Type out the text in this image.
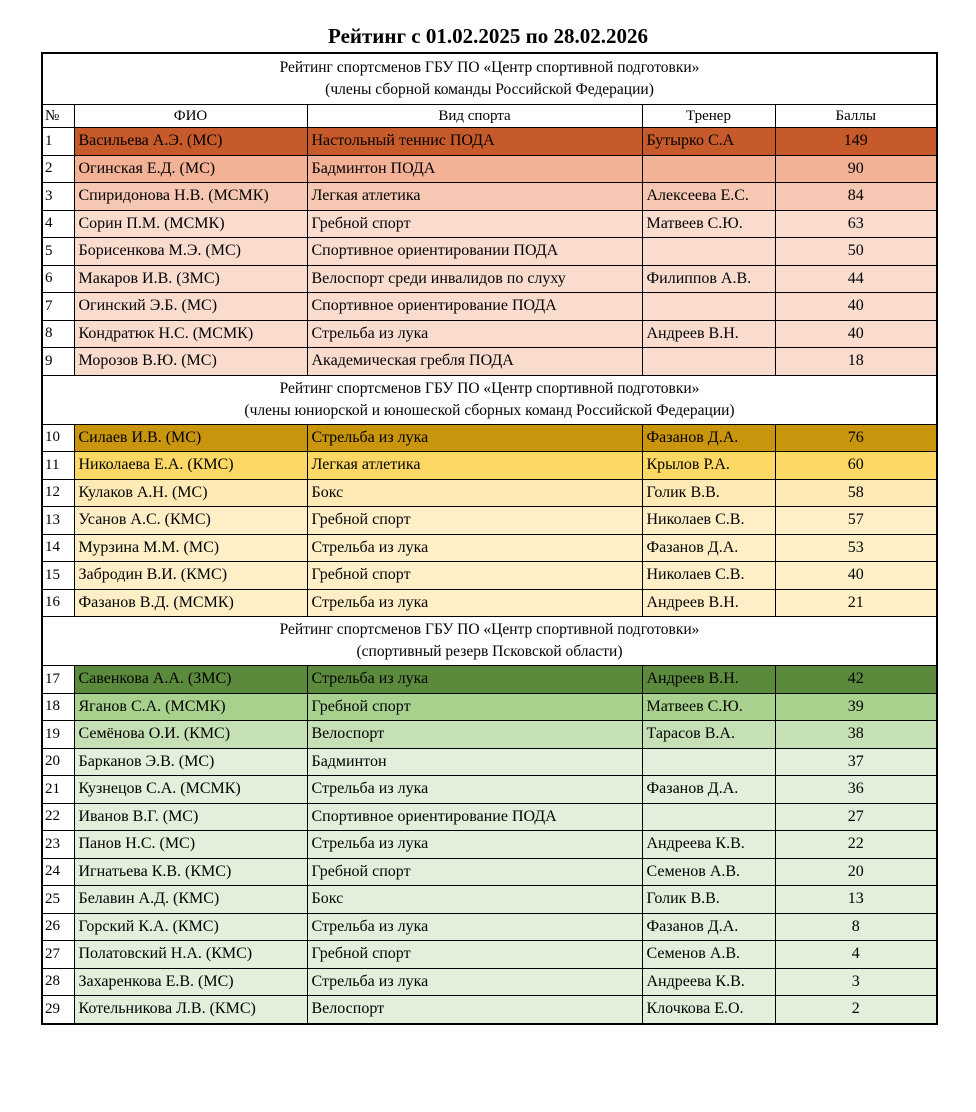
Рейтинг с 01.02.2025 по 28.02.2026
Рейтинг спортсменов ГБУ ПО «Центр спортивной подготовки»
(члены сборной команды Российской Федерации)				

№	ФИО	Вид спорта	Тренер	Баллы
1	Васильева А.Э. (МС)	Настольный теннис ПОДА	Бутырко С.А	149
2	Огинская Е.Д. (МС)	Бадминтон ПОДА		90
3	Спиридонова Н.В. (МСМК)	Легкая атлетика	Алексеева Е.С.	84
4	Сорин П.М. (МСМК)	Гребной спорт	Матвеев С.Ю.	63
5	Борисенкова М.Э. (МС)	Спортивное ориентировании ПОДА		50
6	Макаров И.В. (ЗМС)	Велоспорт среди инвалидов по слуху	Филиппов А.В.	44
7	Огинский Э.Б. (МС)	Спортивное ориентирование ПОДА		40
8	Кондратюк Н.С. (МСМК)	Стрельба из лука	Андреев В.Н.	40
9	Морозов В.Ю. (МС)	Академическая гребля ПОДА		18

Рейтинг спортсменов ГБУ ПО «Центр спортивной подготовки»
(члены юниорской и юношеской сборных команд Российской Федерации)				

10	Силаев И.В. (МС)	Стрельба из лука	Фазанов Д.А.	76
11	Николаева Е.А. (КМС)	Легкая атлетика	Крылов Р.А.	60
12	Кулаков А.Н. (МС)	Бокс	Голик В.В.	58
13	Усанов А.С. (КМС)	Гребной спорт	Николаев С.В.	57
14	Мурзина М.М. (МС)	Стрельба из лука	Фазанов Д.А.	53
15	Забродин В.И. (КМС)	Гребной спорт	Николаев С.В.	40
16	Фазанов В.Д. (МСМК)	Стрельба из лука	Андреев В.Н.	21

Рейтинг спортсменов ГБУ ПО «Центр спортивной подготовки»
(спортивный резерв Псковской области)				

17	Савенкова А.А. (ЗМС)	Стрельба из лука	Андреев В.Н.	42
18	Яганов С.А. (МСМК)	Гребной спорт	Матвеев С.Ю.	39
19	Семёнова О.И. (КМС)	Велоспорт	Тарасов В.А.	38
20	Барканов Э.В. (МС)	Бадминтон		37
21	Кузнецов С.А. (МСМК)	Стрельба из лука	Фазанов Д.А.	36
22	Иванов В.Г. (МС)	Спортивное ориентирование ПОДА		27
23	Панов Н.С. (МС)	Стрельба из лука	Андреева К.В.	22
24	Игнатьева К.В. (КМС)	Гребной спорт	Семенов А.В.	20
25	Белавин А.Д. (КМС)	Бокс	Голик В.В.	13
26	Горский К.А. (КМС)	Стрельба из лука	Фазанов Д.А.	8
27	Полатовский Н.А. (КМС)	Гребной спорт	Семенов А.В.	4
28	Захаренкова Е.В. (МС)	Стрельба из лука	Андреева К.В.	3
29	Котельникова Л.В. (КМС)	Велоспорт	Клочкова Е.О.	2
